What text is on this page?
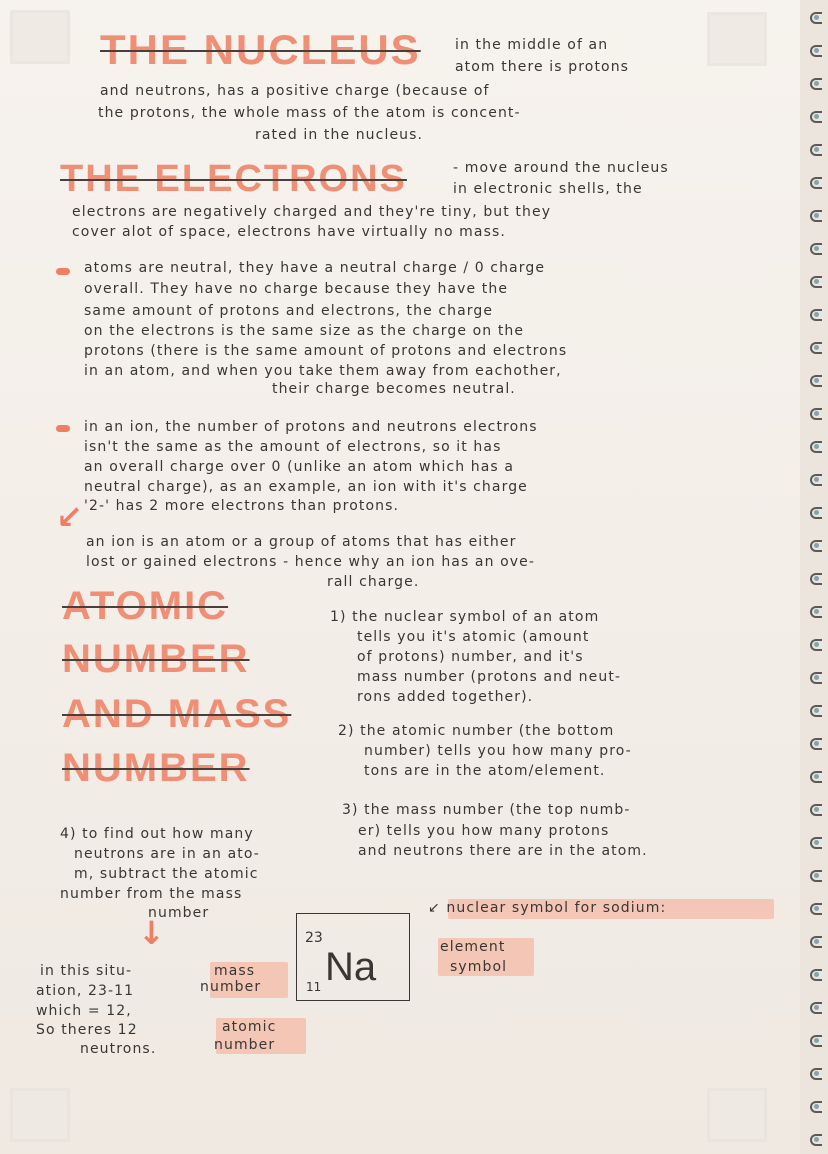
THE NUCLEUS in the middle of an
atom there is protons
and neutrons, has a positive charge (because of
the protons, the whole mass of the atom is concent-
rated in the nucleus.
THE ELECTRONS	- move around the nucleus
in electronic shells, the
electrons are negatively charged and they're tiny, but they
cover alot of space, electrons have virtually no mass.
atoms are neutral, they have a neutral charge / 0 charge
overall. They have no charge because they have the
same amount of protons and electrons, the charge
on the electrons is the same size as the charge on the
protons (there is the same amount of protons and electrons
in an atom, and when you take them away from eachother,
their charge becomes neutral.
in an ion, the number of protons and neutrons electrons
isn't the same as the amount of electrons, so it has
an overall charge over 0 (unlike an atom which has a
neutral charge), as an example, an ion with it's charge
'2-' has 2 more electrons than protons.
↙
an ion is an atom or a group of atoms that has either
lost or gained electrons - hence why an ion has an ove-
rall charge.
ATOMIC
NUMBER
AND MASS
NUMBER
1) the nuclear symbol of an atom
tells you it's atomic (amount
of protons) number, and it's
mass number (protons and neut-
rons added together).
2) the atomic number (the bottom
number) tells you how many pro-
tons are in the atom/element.
3) the mass number (the top numb-
er) tells you how many protons
and neutrons there are in the atom.
4) to find out how many
neutrons are in an ato-
m, subtract the atomic
number from the mass
number
↓
in this situ-
ation, 23-11
which = 12,
So theres 12
neutrons.
↙ nuclear symbol for sodium:
23
11 Na
mass
number
atomic
number
element
symbol
